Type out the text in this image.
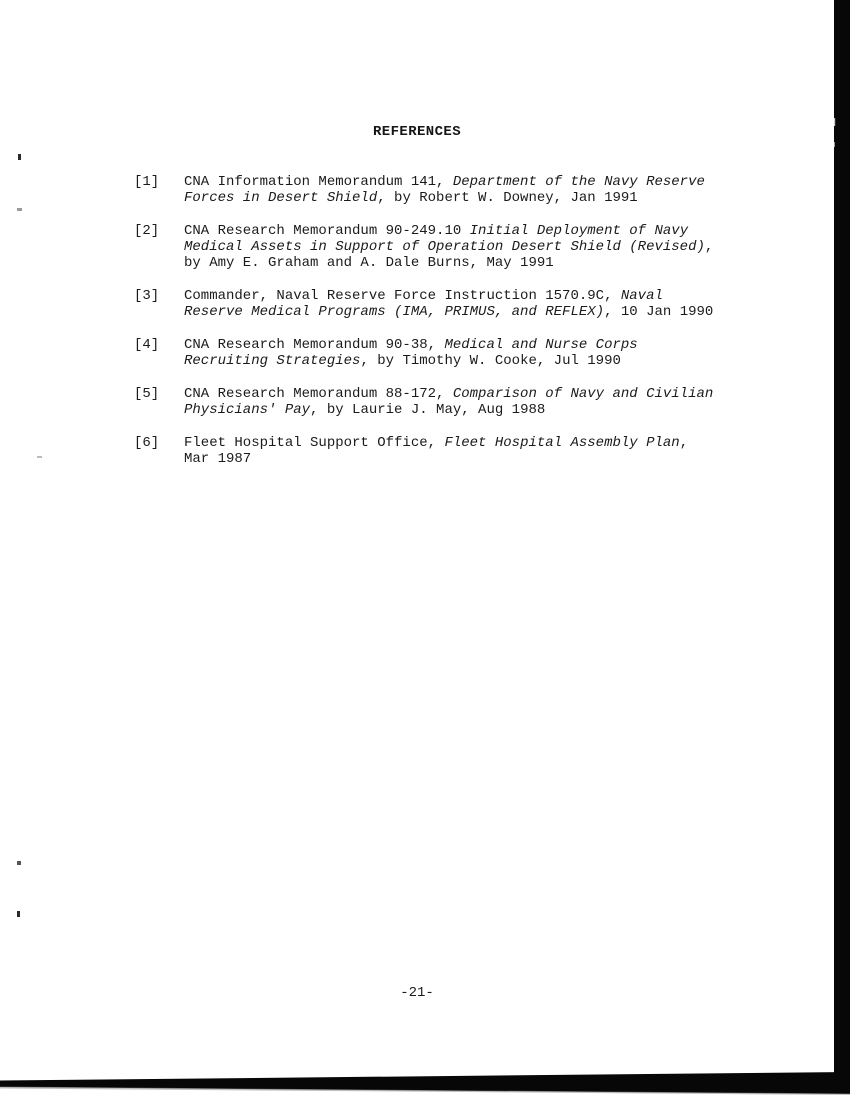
REFERENCES
[1]	CNA Information Memorandum 141, Department of the Navy Reserve
Forces in Desert Shield, by Robert W. Downey, Jan 1991
[2]	CNA Research Memorandum 90-249.10 Initial Deployment of Navy
Medical Assets in Support of Operation Desert Shield (Revised),
by Amy E. Graham and A. Dale Burns, May 1991
[3]	Commander, Naval Reserve Force Instruction 1570.9C, Naval
Reserve Medical Programs (IMA, PRIMUS, and REFLEX), 10 Jan 1990
[4]	CNA Research Memorandum 90-38, Medical and Nurse Corps
Recruiting Strategies, by Timothy W. Cooke, Jul 1990
[5]	CNA Research Memorandum 88-172, Comparison of Navy and Civilian
Physicians' Pay, by Laurie J. May, Aug 1988
[6]	Fleet Hospital Support Office, Fleet Hospital Assembly Plan,
Mar 1987
-21-
